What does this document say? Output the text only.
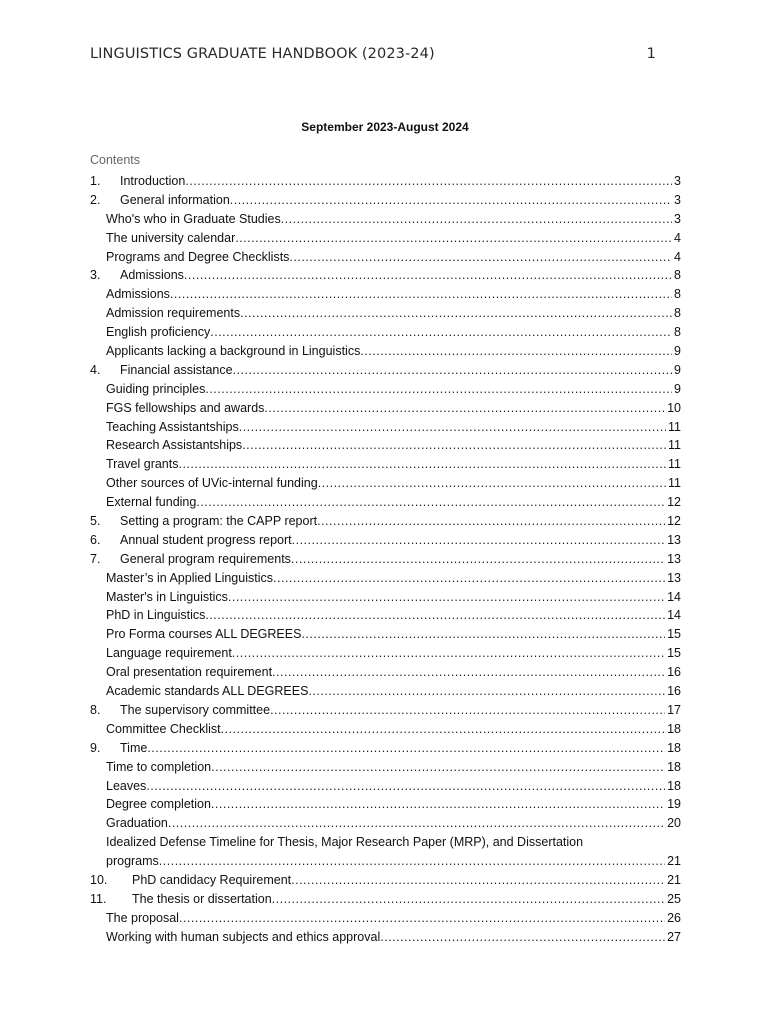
LINGUISTICS GRADUATE HANDBOOK (2023-24)	1
September 2023-August 2024
Contents
1.	Introduction .....	3
2.	General information .....	3
Who's who in Graduate Studies .....	3
The university calendar .....	4
Programs and Degree Checklists .....	4
3.	Admissions .....	8
Admissions .....	8
Admission requirements .....	8
English proficiency .....	8
Applicants lacking a background in Linguistics .....	9
4.	Financial assistance .....	9
Guiding principles .....	9
FGS fellowships and awards .....	10
Teaching Assistantships .....	11
Research Assistantships .....	11
Travel grants .....	11
Other sources of UVic-internal funding .....	11
External funding .....	12
5.	Setting a program: the CAPP report .....	12
6.	Annual student progress report .....	13
7.	General program requirements .....	13
Master’s in Applied Linguistics .....	13
Master's in Linguistics .....	14
PhD in Linguistics .....	14
Pro Forma courses ALL DEGREES .....	15
Language requirement .....	15
Oral presentation requirement .....	16
Academic standards ALL DEGREES .....	16
8.	The supervisory committee .....	17
Committee Checklist .....	18
9.	Time .....	18
Time to completion .....	18
Leaves .....	18
Degree completion .....	19
Graduation .....	20
Idealized Defense Timeline for Thesis, Major Research Paper (MRP), and Dissertation
programs .....	21
10.	PhD candidacy Requirement .....	21
11.	The thesis or dissertation .....	25
The proposal .....	26
Working with human subjects and ethics approval .....	27
